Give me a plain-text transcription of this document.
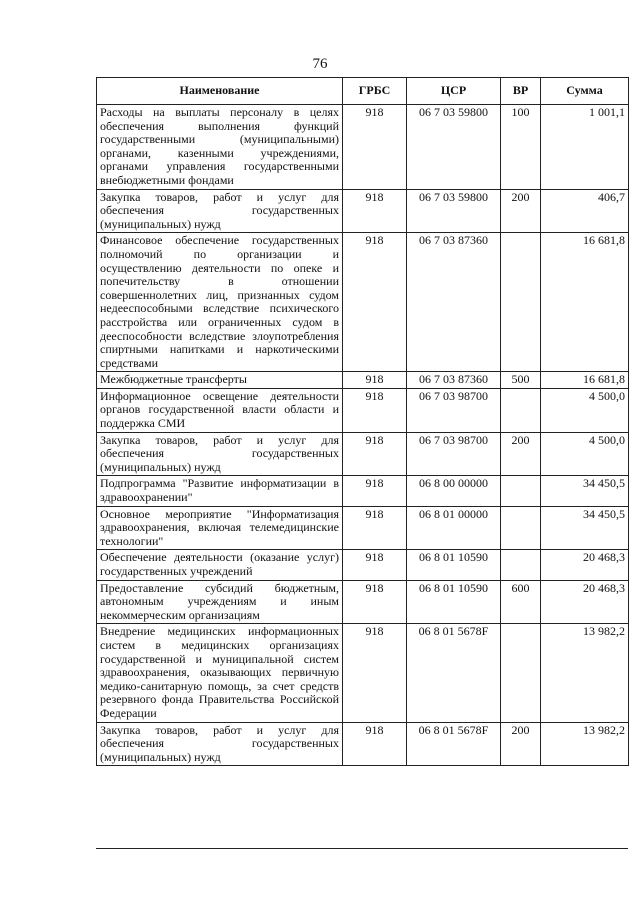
76
Наименование	ГРБС	ЦСР	ВР	Сумма
Расходы на выплаты персоналу в целях обеспечения выполнения функций государственными (муниципальными) органами, казенными учреждениями, органами управления государственными внебюджетными фондами	918	06 7 03 59800	100	1 001,1
Закупка товаров, работ и услуг для обеспечения государственных (муниципальных) нужд	918	06 7 03 59800	200	406,7
Финансовое обеспечение государственных полномочий по организации и осуществлению деятельности по опеке и попечительству в отношении совершеннолетних лиц, признанных судом недееспособными вследствие психического расстройства или ограниченных судом в дееспособности вследствие злоупотребления спиртными напитками и наркотическими средствами	918	06 7 03 87360		16 681,8
Межбюджетные трансферты	918	06 7 03 87360	500	16 681,8
Информационное освещение деятельности органов государственной власти области и поддержка СМИ	918	06 7 03 98700		4 500,0
Закупка товаров, работ и услуг для обеспечения государственных (муниципальных) нужд	918	06 7 03 98700	200	4 500,0
Подпрограмма "Развитие информатизации в здравоохранении"	918	06 8 00 00000		34 450,5
Основное мероприятие "Информатизация здравоохранения, включая телемедицинские технологии"	918	06 8 01 00000		34 450,5
Обеспечение деятельности (оказание услуг) государственных учреждений	918	06 8 01 10590		20 468,3
Предоставление субсидий бюджетным, автономным учреждениям и иным некоммерческим организациям	918	06 8 01 10590	600	20 468,3
Внедрение медицинских информационных систем в медицинских организациях государственной и муниципальной систем здравоохранения, оказывающих первичную медико-санитарную помощь, за счет средств резервного фонда Правительства Российской Федерации	918	06 8 01 5678F		13 982,2
Закупка товаров, работ и услуг для обеспечения государственных (муниципальных) нужд	918	06 8 01 5678F	200	13 982,2
